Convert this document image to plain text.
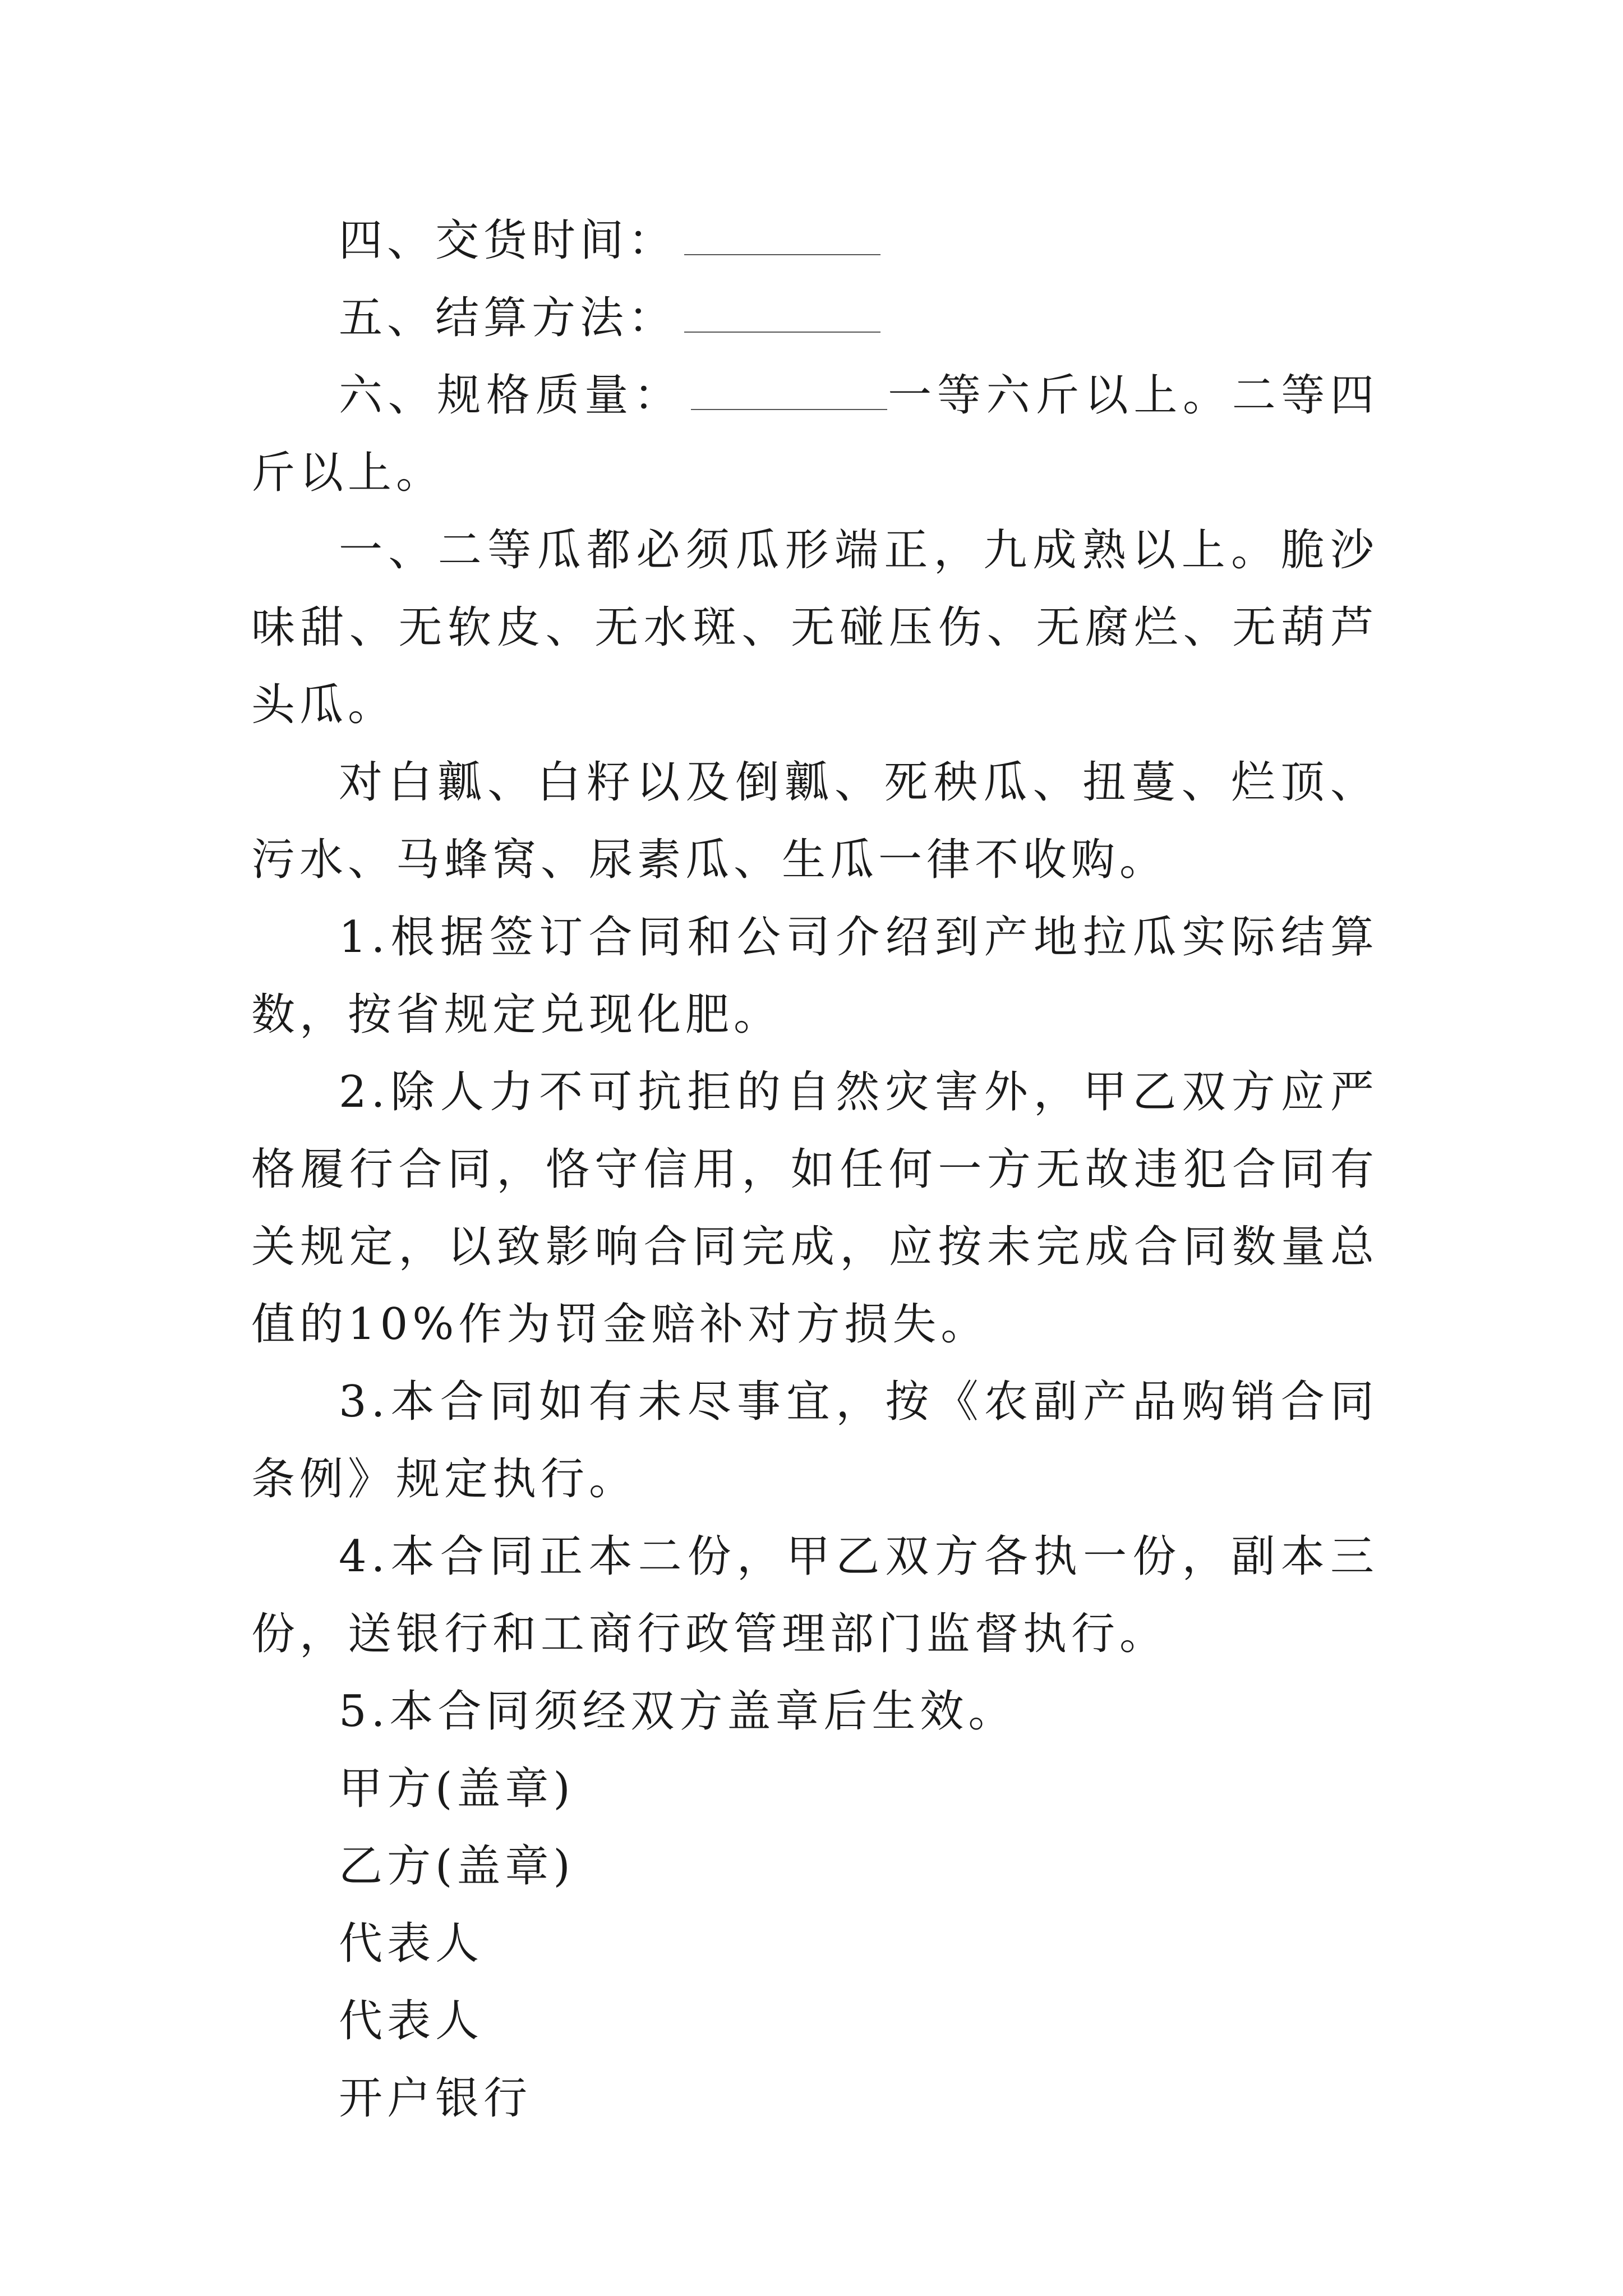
四、交货时间：

五、结算方法：

六、规格质量：	一等六斤以上。二等四斤以上。

一、二等瓜都必须瓜形端正，九成熟以上。脆沙味甜、无软皮、无水斑、无碰压伤、无腐烂、无葫芦头瓜。

对白瓤、白籽以及倒瓤、死秧瓜、扭蔓、烂顶、污水、马蜂窝、尿素瓜、生瓜一律不收购。

1.根据签订合同和公司介绍到产地拉瓜实际结算数，按省规定兑现化肥。

2.除人力不可抗拒的自然灾害外，甲乙双方应严格履行合同，恪守信用，如任何一方无故违犯合同有关规定，以致影响合同完成，应按未完成合同数量总值的10%作为罚金赔补对方损失。

3.本合同如有未尽事宜，按《农副产品购销合同条例》规定执行。

4.本合同正本二份，甲乙双方各执一份，副本三份，送银行和工商行政管理部门监督执行。

5.本合同须经双方盖章后生效。

甲方(盖章)

乙方(盖章)

代表人

代表人

开户银行
